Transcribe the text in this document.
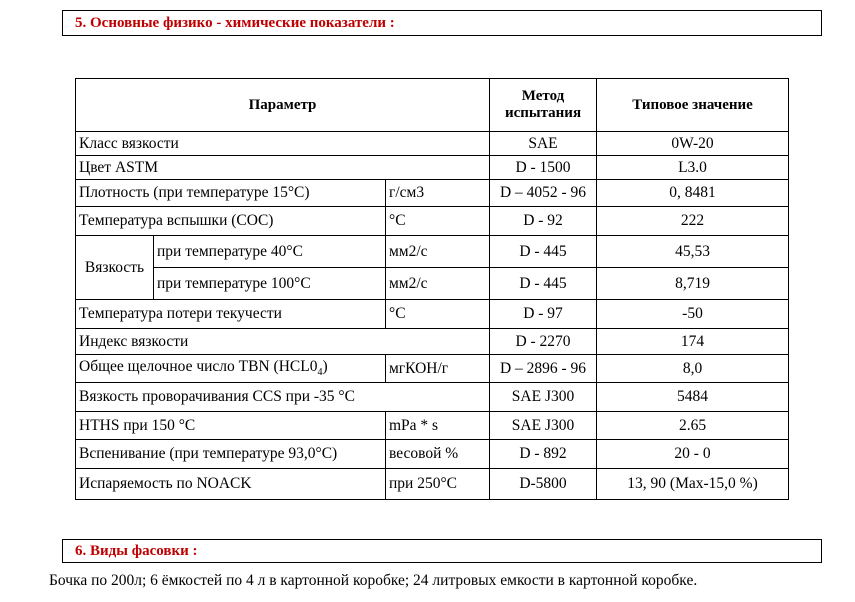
5. Основные физико - химические показатели :
Параметр			Метод испытания	Типовое значение
Класс вязкости			SAE	0W-20
Цвет ASTM			D - 1500	L3.0
Плотность (при температуре 15°С)		г/см3	D – 4052 - 96	0, 8481
Температура вспышки (COC)		°С	D - 92	222
Вязкость	при температуре 40°С	мм2/с	D - 445	45,53
	при температуре 100°С	мм2/с	D - 445	8,719
Температура потери текучести		°С	D - 97	-50
Индекс вязкости			D - 2270	174
Общее щелочное число TBN $(HCL0_4)$		мгКОН/г	D – 2896 - 96	8,0
Вязкость проворачивания CCS при -35 °С			SAE J300	5484
HTHS при 150 °С		mPa * s	SAE J300	2.65
Вспенивание (при температуре 93,0°С)		весовой %	D - 892	20 - 0
Испаряемость по NOACK		при 250°С	D-5800	13, 90 (Max-15,0 %)
6. Виды фасовки :
Бочка по 200л; 6 ёмкостей по 4 л в картонной коробке; 24 литровых емкости в картонной коробке.
